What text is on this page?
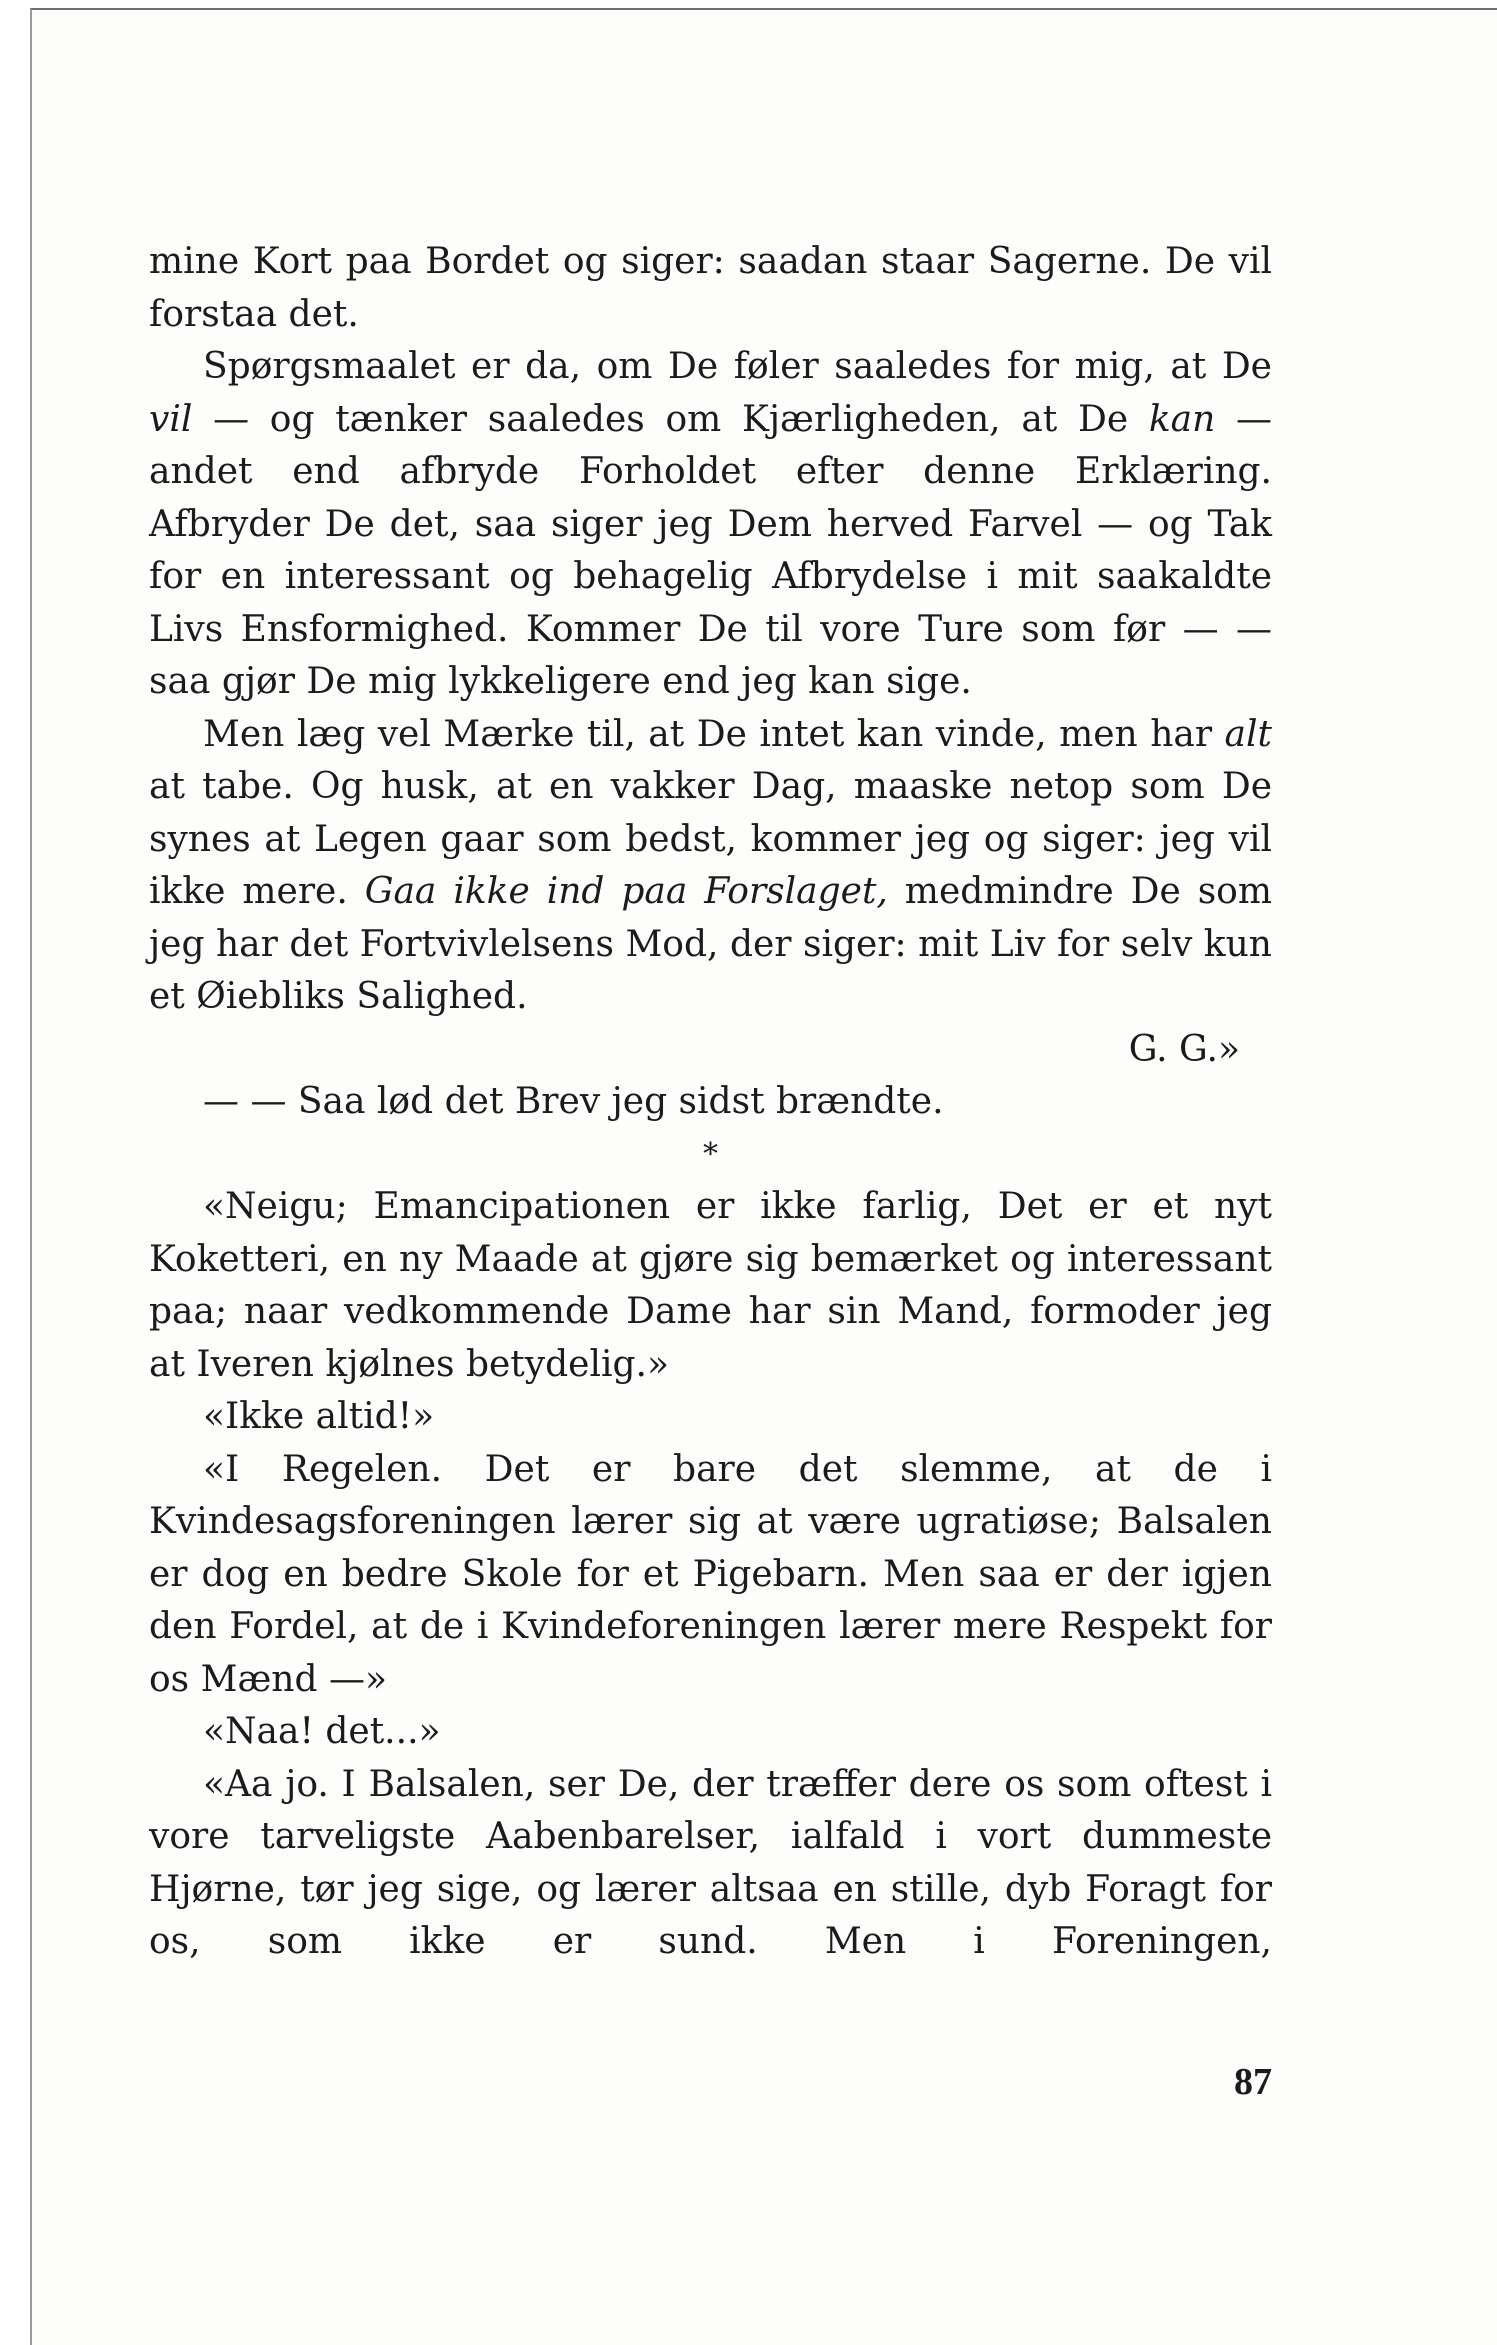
mine Kort paa Bordet og siger: saadan staar Sagerne. De vil forstaa det.

Spørgsmaalet er da, om De føler saaledes for mig, at De vil — og tænker saaledes om Kjærligheden, at De kan — andet end afbryde Forholdet efter denne Erklæring. Afbryder De det, saa siger jeg Dem herved Farvel — og Tak for en interessant og behagelig Afbrydelse i mit saakaldte Livs Ensformighed. Kommer De til vore Ture som før — — saa gjør De mig lykkeligere end jeg kan sige.

Men læg vel Mærke til, at De intet kan vinde, men har alt at tabe. Og husk, at en vakker Dag, maaske netop som De synes at Legen gaar som bedst, kommer jeg og siger: jeg vil ikke mere. Gaa ikke ind paa Forslaget, medmindre De som jeg har det Fortvivlelsens Mod, der siger: mit Liv for selv kun et Øiebliks Salighed.

G. G.»

— — Saa lød det Brev jeg sidst brændte.

*

«Neigu; Emancipationen er ikke farlig, Det er et nyt Koketteri, en ny Maade at gjøre sig bemærket og interessant paa; naar vedkommende Dame har sin Mand, formoder jeg at Iveren kjølnes betydelig.»

«Ikke altid!»

«I Regelen. Det er bare det slemme, at de i Kvindesagsforeningen lærer sig at være ugratiøse; Balsalen er dog en bedre Skole for et Pigebarn. Men saa er der igjen den Fordel, at de i Kvindeforeningen lærer mere Respekt for os Mænd —»

«Naa! det...»

«Aa jo. I Balsalen, ser De, der træffer dere os som oftest i vore tarveligste Aabenbarelser, ialfald i vort dummeste Hjørne, tør jeg sige, og lærer altsaa en stille, dyb Foragt for os, som ikke er sund. Men i Foreningen,

87
